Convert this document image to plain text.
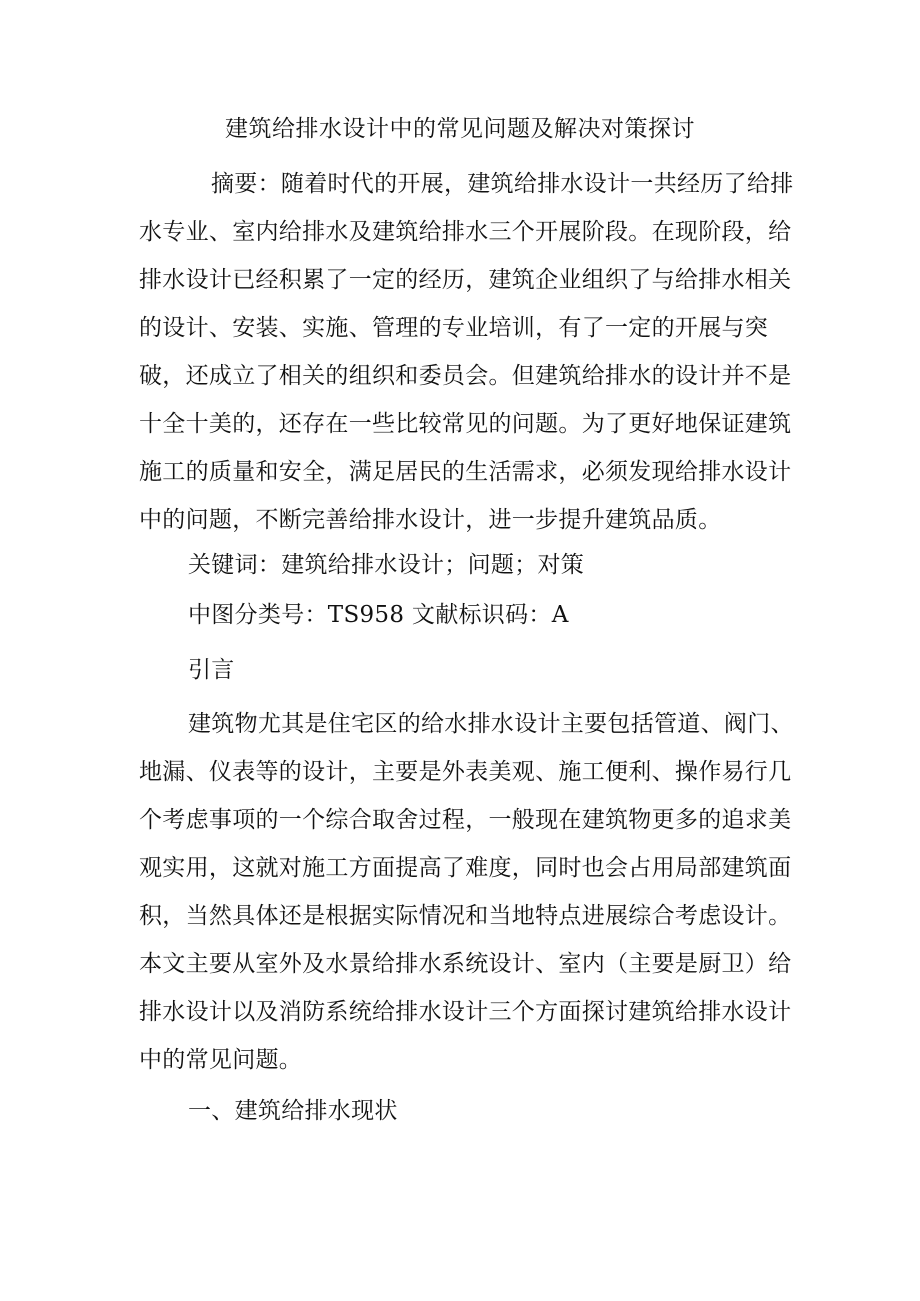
建筑给排水设计中的常见问题及解决对策探讨

摘要：随着时代的开展，建筑给排水设计一共经历了给排水专业、室内给排水及建筑给排水三个开展阶段。在现阶段，给排水设计已经积累了一定的经历，建筑企业组织了与给排水相关的设计、安装、实施、管理的专业培训，有了一定的开展与突破，还成立了相关的组织和委员会。但建筑给排水的设计并不是十全十美的，还存在一些比较常见的问题。为了更好地保证建筑施工的质量和安全，满足居民的生活需求，必须发现给排水设计中的问题，不断完善给排水设计，进一步提升建筑品质。

关键词：建筑给排水设计；问题；对策
中图分类号：TS958 文献标识码：A
引言

建筑物尤其是住宅区的给水排水设计主要包括管道、阀门、地漏、仪表等的设计，主要是外表美观、施工便利、操作易行几个考虑事项的一个综合取舍过程，一般现在建筑物更多的追求美观实用，这就对施工方面提高了难度，同时也会占用局部建筑面积，当然具体还是根据实际情况和当地特点进展综合考虑设计。本文主要从室外及水景给排水系统设计、室内（主要是厨卫）给排水设计以及消防系统给排水设计三个方面探讨建筑给排水设计中的常见问题。

一、建筑给排水现状
